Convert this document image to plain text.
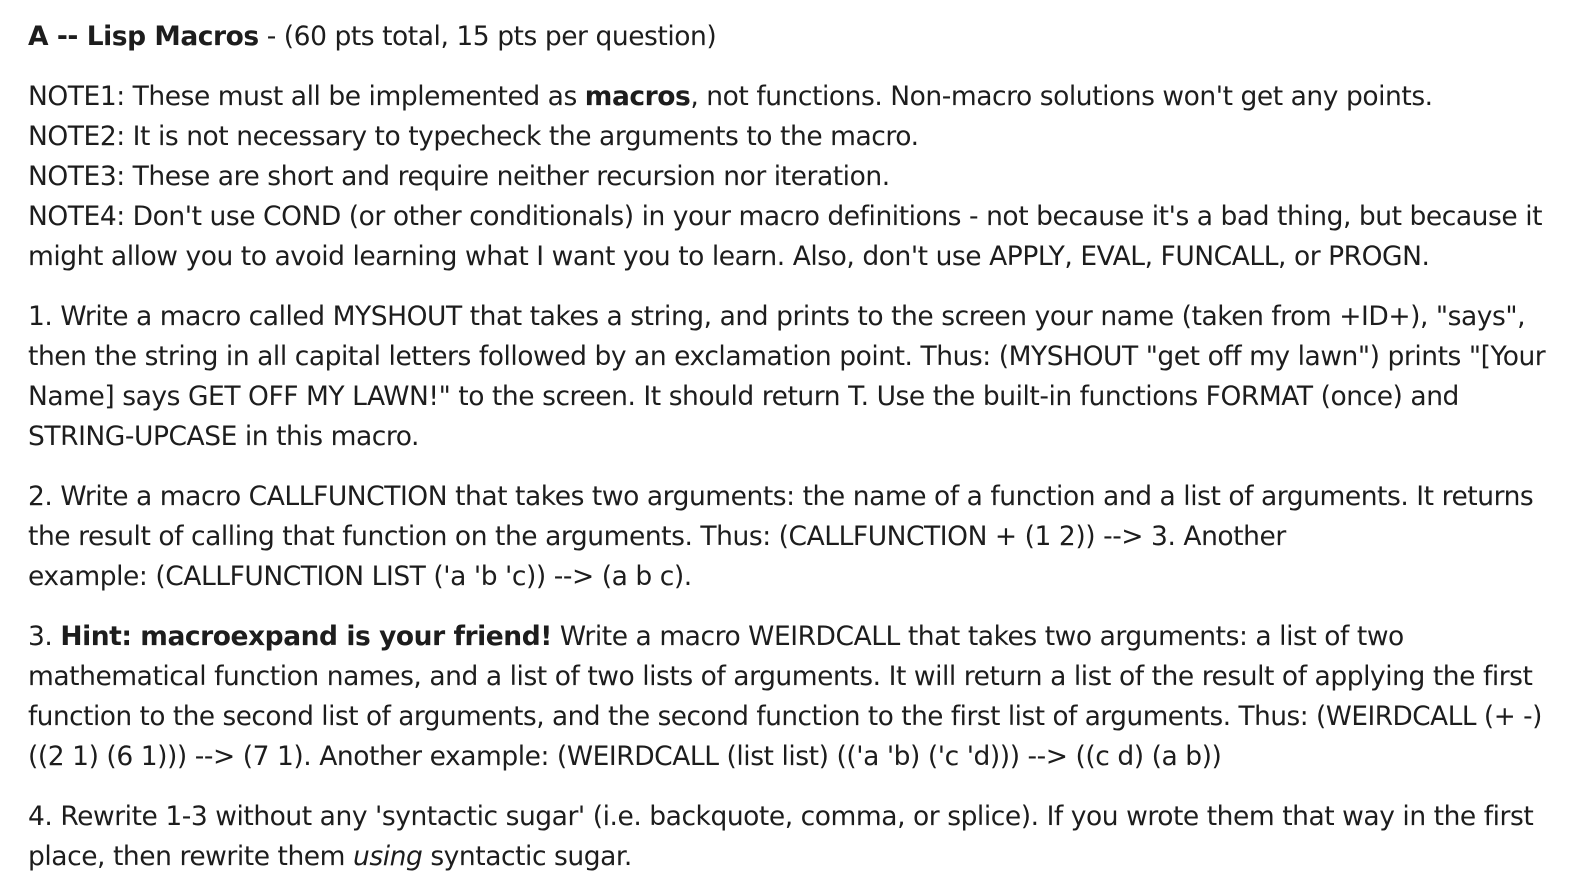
A -- Lisp Macros - (60 pts total, 15 pts per question)

NOTE1: These must all be implemented as macros, not functions. Non-macro solutions won't get any points.
NOTE2: It is not necessary to typecheck the arguments to the macro.
NOTE3: These are short and require neither recursion nor iteration.
NOTE4: Don't use COND (or other conditionals) in your macro definitions - not because it's a bad thing, but because it
might allow you to avoid learning what I want you to learn. Also, don't use APPLY, EVAL, FUNCALL, or PROGN.

1. Write a macro called MYSHOUT that takes a string, and prints to the screen your name (taken from +ID+), "says",
then the string in all capital letters followed by an exclamation point. Thus: (MYSHOUT "get off my lawn") prints "[Your
Name] says GET OFF MY LAWN!" to the screen. It should return T. Use the built-in functions FORMAT (once) and
STRING-UPCASE in this macro.

2. Write a macro CALLFUNCTION that takes two arguments: the name of a function and a list of arguments. It returns
the result of calling that function on the arguments. Thus: (CALLFUNCTION + (1 2)) --> 3. Another
example: (CALLFUNCTION LIST ('a 'b 'c)) --> (a b c).

3. Hint: macroexpand is your friend! Write a macro WEIRDCALL that takes two arguments: a list of two
mathematical function names, and a list of two lists of arguments. It will return a list of the result of applying the first
function to the second list of arguments, and the second function to the first list of arguments. Thus: (WEIRDCALL (+ -)
((2 1) (6 1))) --> (7 1). Another example: (WEIRDCALL (list list) (('a 'b) ('c 'd))) --> ((c d) (a b))

4. Rewrite 1-3 without any 'syntactic sugar' (i.e. backquote, comma, or splice). If you wrote them that way in the first
place, then rewrite them using syntactic sugar.
